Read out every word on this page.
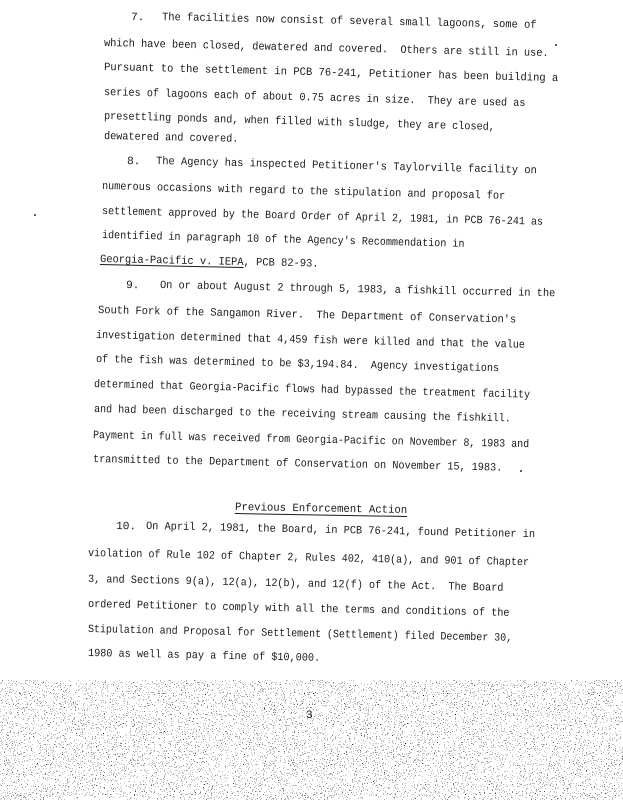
7. The facilities now consist of several small lagoons, some of
which have been closed, dewatered and covered.  Others are still in use.
Pursuant to the settlement in PCB 76-241, Petitioner has been building a
series of lagoons each of about 0.75 acres in size.  They are used as
presettling ponds and, when filled with sludge, they are closed,
dewatered and covered.
8. The Agency has inspected Petitioner's Taylorville facility on
numerous occasions with regard to the stipulation and proposal for
settlement approved by the Board Order of April 2, 1981, in PCB 76-241 as
identified in paragraph 10 of the Agency's Recommendation in
Georgia-Pacific v. IEPA, PCB 82-93.
9. On or about August 2 through 5, 1983, a fishkill occurred in the
South Fork of the Sangamon River.  The Department of Conservation's
investigation determined that 4,459 fish were killed and that the value
of the fish was determined to be $3,194.84.  Agency investigations
determined that Georgia-Pacific flows had bypassed the treatment facility
and had been discharged to the receiving stream causing the fishkill.
Payment in full was received from Georgia-Pacific on November 8, 1983 and
transmitted to the Department of Conservation on November 15, 1983.
Previous Enforcement Action
10. On April 2, 1981, the Board, in PCB 76-241, found Petitioner in
violation of Rule 102 of Chapter 2, Rules 402, 410(a), and 901 of Chapter
3, and Sections 9(a), 12(a), 12(b), and 12(f) of the Act.  The Board
ordered Petitioner to comply with all the terms and conditions of the
Stipulation and Proposal for Settlement (Settlement) filed December 30,
1980 as well as pay a fine of $10,000.
